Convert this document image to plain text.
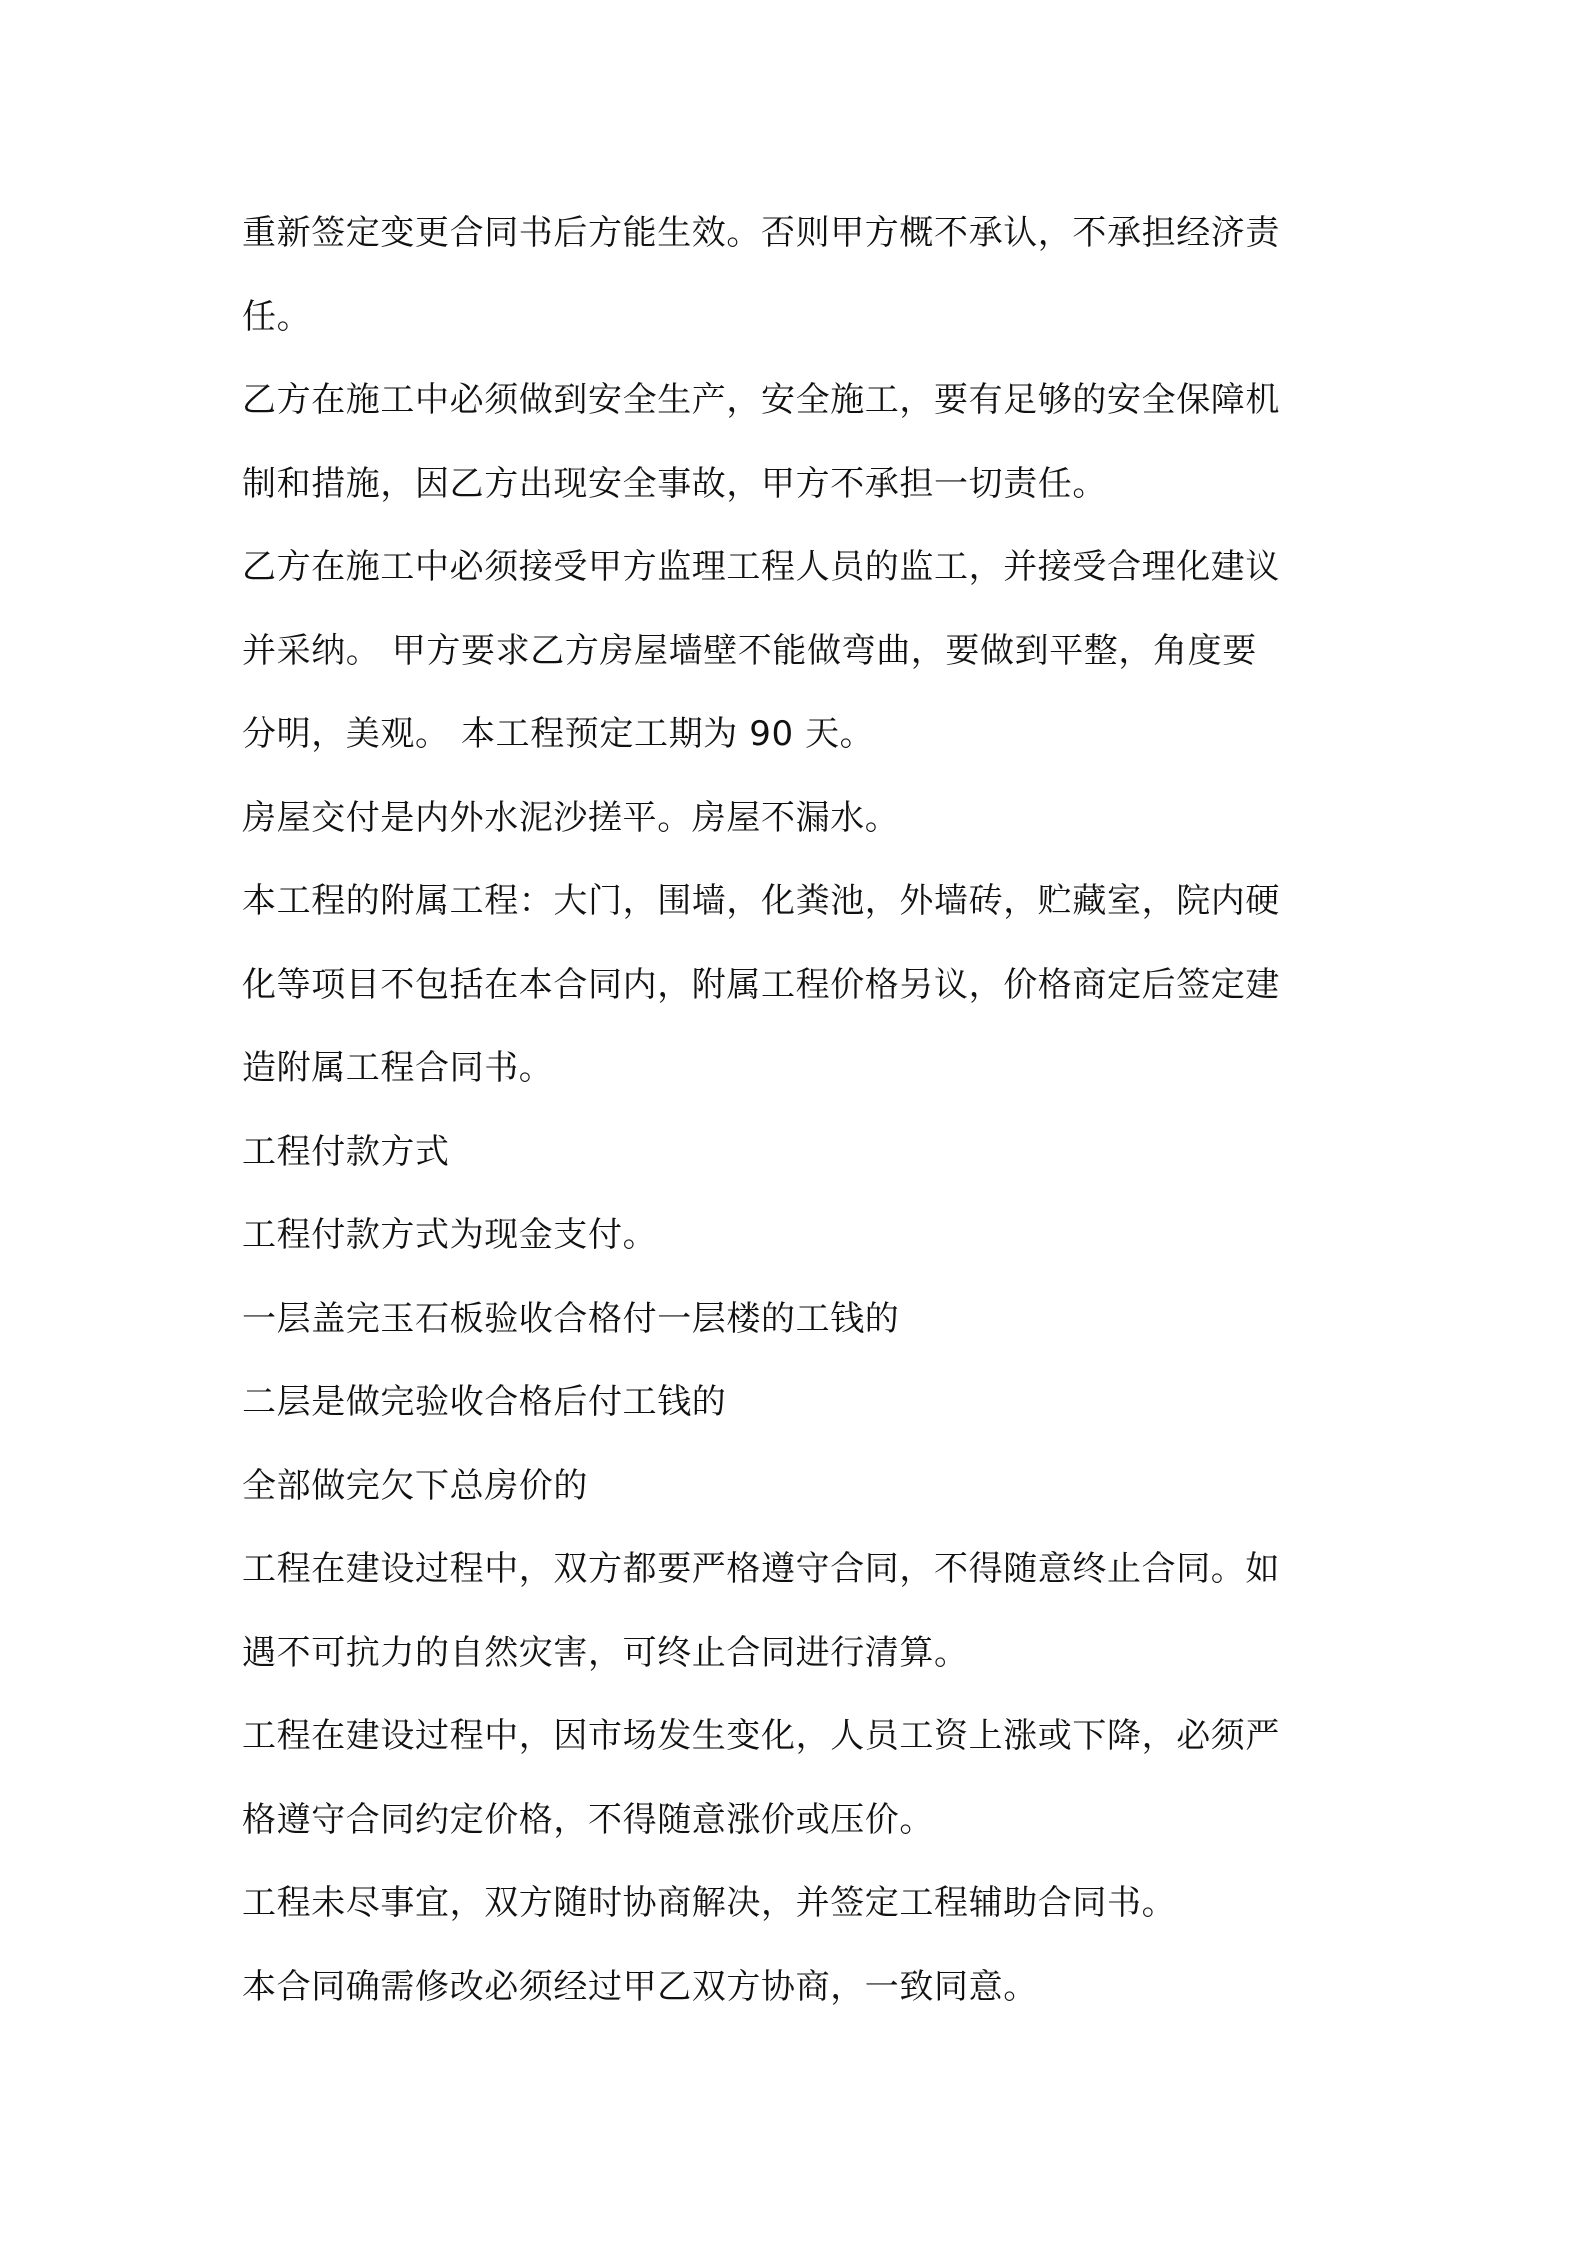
重新签定变更合同书后方能生效。否则甲方概不承认，不承担经济责
任。
乙方在施工中必须做到安全生产，安全施工，要有足够的安全保障机
制和措施，因乙方出现安全事故，甲方不承担一切责任。
乙方在施工中必须接受甲方监理工程人员的监工，并接受合理化建议
并采纳。 甲方要求乙方房屋墙壁不能做弯曲，要做到平整，角度要
分明，美观。 本工程预定工期为 90 天。
房屋交付是内外水泥沙搓平。房屋不漏水。
本工程的附属工程：大门，围墙，化粪池，外墙砖，贮藏室，院内硬
化等项目不包括在本合同内，附属工程价格另议，价格商定后签定建
造附属工程合同书。
工程付款方式
工程付款方式为现金支付。
一层盖完玉石板验收合格付一层楼的工钱的
二层是做完验收合格后付工钱的
全部做完欠下总房价的
工程在建设过程中，双方都要严格遵守合同，不得随意终止合同。如
遇不可抗力的自然灾害，可终止合同进行清算。
工程在建设过程中，因市场发生变化，人员工资上涨或下降，必须严
格遵守合同约定价格，不得随意涨价或压价。
工程未尽事宜，双方随时协商解决，并签定工程辅助合同书。
本合同确需修改必须经过甲乙双方协商，一致同意。
